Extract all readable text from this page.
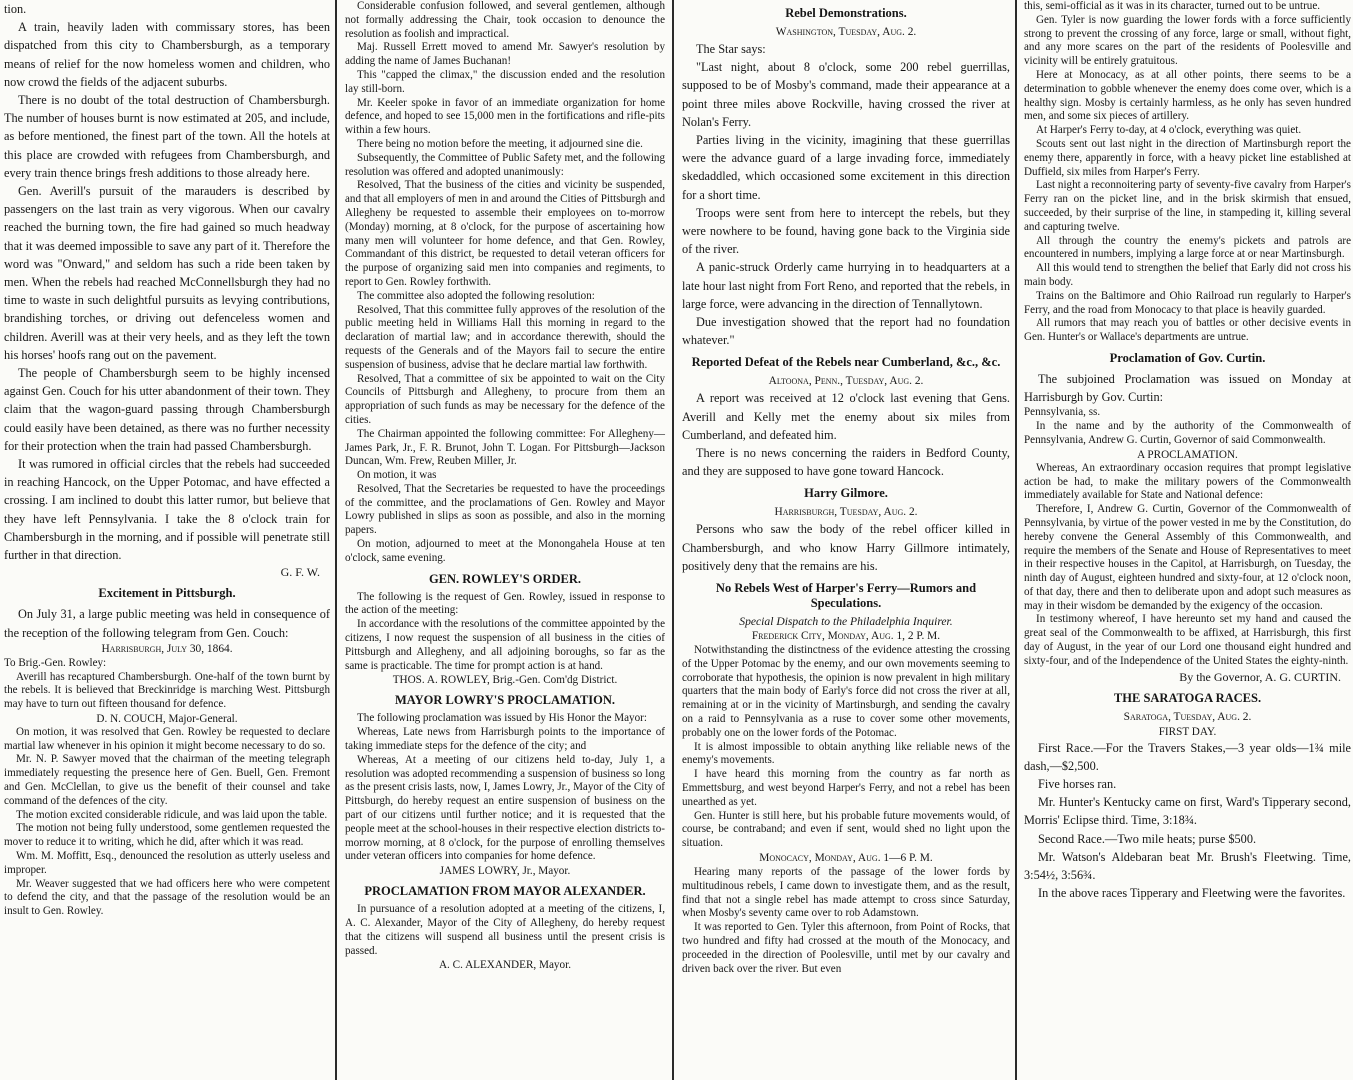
tion.

A train, heavily laden with commissary stores, has been dispatched from this city to Chambersburgh, as a temporary means of relief for the now homeless women and children, who now crowd the fields of the adjacent suburbs.

There is no doubt of the total destruction of Chambersburgh. The number of houses burnt is now estimated at 205, and include, as before mentioned, the finest part of the town. All the hotels at this place are crowded with refugees from Chambersburgh, and every train thence brings fresh additions to those already here.

Gen. Averill's pursuit of the marauders is described by passengers on the last train as very vigorous. When our cavalry reached the burning town, the fire had gained so much headway that it was deemed impossible to save any part of it. Therefore the word was "Onward," and seldom has such a ride been taken by men. When the rebels had reached McConnellsburgh they had no time to waste in such delightful pursuits as levying contributions, brandishing torches, or driving out defenceless women and children. Averill was at their very heels, and as they left the town his horses' hoofs rang out on the pavement.

The people of Chambersburgh seem to be highly incensed against Gen. Couch for his utter abandonment of their town. They claim that the wagon-guard passing through Chambersburgh could easily have been detained, as there was no further necessity for their protection when the train had passed Chambersburgh.

It was rumored in official circles that the rebels had succeeded in reaching Hancock, on the Upper Potomac, and have effected a crossing. I am inclined to doubt this latter rumor, but believe that they have left Pennsylvania. I take the 8 o'clock train for Chambersburgh in the morning, and if possible will penetrate still further in that direction.

G. F. W.

Excitement in Pittsburgh.

On July 31, a large public meeting was held in consequence of the reception of the following telegram from Gen. Couch:

Harrisburgh, July 30, 1864.

To Brig.-Gen. Rowley:

Averill has recaptured Chambersburgh. One-half of the town burnt by the rebels. It is believed that Breckinridge is marching West. Pittsburgh may have to turn out fifteen thousand for defence.

D. N. COUCH, Major-General.

On motion, it was resolved that Gen. Rowley be requested to declare martial law whenever in his opinion it might become necessary to do so.

Mr. N. P. Sawyer moved that the chairman of the meeting telegraph immediately requesting the presence here of Gen. Buell, Gen. Fremont and Gen. McClellan, to give us the benefit of their counsel and take command of the defences of the city.

The motion excited considerable ridicule, and was laid upon the table.

The motion not being fully understood, some gentlemen requested the mover to reduce it to writing, which he did, after which it was read.

Wm. M. Moffitt, Esq., denounced the resolution as utterly useless and improper.

Mr. Weaver suggested that we had officers here who were competent to defend the city, and that the passage of the resolution would be an insult to Gen. Rowley.

Considerable confusion followed, and several gentlemen, although not formally addressing the Chair, took occasion to denounce the resolution as foolish and impractical.

Maj. Russell Errett moved to amend Mr. Sawyer's resolution by adding the name of James Buchanan!

This "capped the climax," the discussion ended and the resolution lay still-born.

Mr. Keeler spoke in favor of an immediate organization for home defence, and hoped to see 15,000 men in the fortifications and rifle-pits within a few hours.

There being no motion before the meeting, it adjourned sine die.

Subsequently, the Committee of Public Safety met, and the following resolution was offered and adopted unanimously:

Resolved, That the business of the cities and vicinity be suspended, and that all employers of men in and around the Cities of Pittsburgh and Allegheny be requested to assemble their employees on to-morrow (Monday) morning, at 8 o'clock, for the purpose of ascertaining how many men will volunteer for home defence, and that Gen. Rowley, Commandant of this district, be requested to detail veteran officers for the purpose of organizing said men into companies and regiments, to report to Gen. Rowley forthwith.

The committee also adopted the following resolution:

Resolved, That this committee fully approves of the resolution of the public meeting held in Williams Hall this morning in regard to the declaration of martial law; and in accordance therewith, should the requests of the Generals and of the Mayors fail to secure the entire suspension of business, advise that he declare martial law forthwith.

Resolved, That a committee of six be appointed to wait on the City Councils of Pittsburgh and Allegheny, to procure from them an appropriation of such funds as may be necessary for the defence of the cities.

The Chairman appointed the following committee: For Allegheny—James Park, Jr., F. R. Brunot, John T. Logan. For Pittsburgh—Jackson Duncan, Wm. Frew, Reuben Miller, Jr.

On motion, it was

Resolved, That the Secretaries be requested to have the proceedings of the committee, and the proclamations of Gen. Rowley and Mayor Lowry published in slips as soon as possible, and also in the morning papers.

On motion, adjourned to meet at the Monongahela House at ten o'clock, same evening.

GEN. ROWLEY'S ORDER.

The following is the request of Gen. Rowley, issued in response to the action of the meeting:

In accordance with the resolutions of the committee appointed by the citizens, I now request the suspension of all business in the cities of Pittsburgh and Allegheny, and all adjoining boroughs, so far as the same is practicable. The time for prompt action is at hand.

THOS. A. ROWLEY, Brig.-Gen. Com'dg District.

MAYOR LOWRY'S PROCLAMATION.

The following proclamation was issued by His Honor the Mayor:

Whereas, Late news from Harrisburgh points to the importance of taking immediate steps for the defence of the city; and

Whereas, At a meeting of our citizens held to-day, July 1, a resolution was adopted recommending a suspension of business so long as the present crisis lasts, now, I, James Lowry, Jr., Mayor of the City of Pittsburgh, do hereby request an entire suspension of business on the part of our citizens until further notice; and it is requested that the people meet at the school-houses in their respective election districts to-morrow morning, at 8 o'clock, for the purpose of enrolling themselves under veteran officers into companies for home defence.

JAMES LOWRY, Jr., Mayor.

PROCLAMATION FROM MAYOR ALEXANDER.

In pursuance of a resolution adopted at a meeting of the citizens, I, A. C. Alexander, Mayor of the City of Allegheny, do hereby request that the citizens will suspend all business until the present crisis is passed.

A. C. ALEXANDER, Mayor.

Rebel Demonstrations.

Washington, Tuesday, Aug. 2.

The Star says:

"Last night, about 8 o'clock, some 200 rebel guerrillas, supposed to be of Mosby's command, made their appearance at a point three miles above Rockville, having crossed the river at Nolan's Ferry.

Parties living in the vicinity, imagining that these guerrillas were the advance guard of a large invading force, immediately skedaddled, which occasioned some excitement in this direction for a short time.

Troops were sent from here to intercept the rebels, but they were nowhere to be found, having gone back to the Virginia side of the river.

A panic-struck Orderly came hurrying in to headquarters at a late hour last night from Fort Reno, and reported that the rebels, in large force, were advancing in the direction of Tennallytown.

Due investigation showed that the report had no foundation whatever."

Reported Defeat of the Rebels near Cumberland, &c., &c.

Altoona, Penn., Tuesday, Aug. 2.

A report was received at 12 o'clock last evening that Gens. Averill and Kelly met the enemy about six miles from Cumberland, and defeated him.

There is no news concerning the raiders in Bedford County, and they are supposed to have gone toward Hancock.

Harry Gilmore.

Harrisburgh, Tuesday, Aug. 2.

Persons who saw the body of the rebel officer killed in Chambersburgh, and who know Harry Gillmore intimately, positively deny that the remains are his.

No Rebels West of Harper's Ferry—Rumors and Speculations.

Special Dispatch to the Philadelphia Inquirer.

Frederick City, Monday, Aug. 1, 2 P. M.

Notwithstanding the distinctness of the evidence attesting the crossing of the Upper Potomac by the enemy, and our own movements seeming to corroborate that hypothesis, the opinion is now prevalent in high military quarters that the main body of Early's force did not cross the river at all, remaining at or in the vicinity of Martinsburgh, and sending the cavalry on a raid to Pennsylvania as a ruse to cover some other movements, probably one on the lower fords of the Potomac.

It is almost impossible to obtain anything like reliable news of the enemy's movements.

I have heard this morning from the country as far north as Emmettsburg, and west beyond Harper's Ferry, and not a rebel has been unearthed as yet.

Gen. Hunter is still here, but his probable future movements would, of course, be contraband; and even if sent, would shed no light upon the situation.

Monocacy, Monday, Aug. 1—6 P. M.

Hearing many reports of the passage of the lower fords by multitudinous rebels, I came down to investigate them, and as the result, find that not a single rebel has made attempt to cross since Saturday, when Mosby's seventy came over to rob Adamstown.

It was reported to Gen. Tyler this afternoon, from Point of Rocks, that two hundred and fifty had crossed at the mouth of the Monocacy, and proceeded in the direction of Poolesville, until met by our cavalry and driven back over the river. But even

this, semi-official as it was in its character, turned out to be untrue.

Gen. Tyler is now guarding the lower fords with a force sufficiently strong to prevent the crossing of any force, large or small, without fight, and any more scares on the part of the residents of Poolesville and vicinity will be entirely gratuitous.

Here at Monocacy, as at all other points, there seems to be a determination to gobble whenever the enemy does come over, which is a healthy sign. Mosby is certainly harmless, as he only has seven hundred men, and some six pieces of artillery.

At Harper's Ferry to-day, at 4 o'clock, everything was quiet.

Scouts sent out last night in the direction of Martinsburgh report the enemy there, apparently in force, with a heavy picket line established at Duffield, six miles from Harper's Ferry.

Last night a reconnoitering party of seventy-five cavalry from Harper's Ferry ran on the picket line, and in the brisk skirmish that ensued, succeeded, by their surprise of the line, in stampeding it, killing several and capturing twelve.

All through the country the enemy's pickets and patrols are encountered in numbers, implying a large force at or near Martinsburgh.

All this would tend to strengthen the belief that Early did not cross his main body.

Trains on the Baltimore and Ohio Railroad run regularly to Harper's Ferry, and the road from Monocacy to that place is heavily guarded.

All rumors that may reach you of battles or other decisive events in Gen. Hunter's or Wallace's departments are untrue.

Proclamation of Gov. Curtin.

The subjoined Proclamation was issued on Monday at Harrisburgh by Gov. Curtin:

Pennsylvania, ss.

In the name and by the authority of the Commonwealth of Pennsylvania, Andrew G. Curtin, Governor of said Commonwealth.

A PROCLAMATION.

Whereas, An extraordinary occasion requires that prompt legislative action be had, to make the military powers of the Commonwealth immediately available for State and National defence:

Therefore, I, Andrew G. Curtin, Governor of the Commonwealth of Pennsylvania, by virtue of the power vested in me by the Constitution, do hereby convene the General Assembly of this Commonwealth, and require the members of the Senate and House of Representatives to meet in their respective houses in the Capitol, at Harrisburgh, on Tuesday, the ninth day of August, eighteen hundred and sixty-four, at 12 o'clock noon, of that day, there and then to deliberate upon and adopt such measures as may in their wisdom be demanded by the exigency of the occasion.

In testimony whereof, I have hereunto set my hand and caused the great seal of the Commonwealth to be affixed, at Harrisburgh, this first day of August, in the year of our Lord one thousand eight hundred and sixty-four, and of the Independence of the United States the eighty-ninth.

By the Governor, A. G. CURTIN.

THE SARATOGA RACES.

Saratoga, Tuesday, Aug. 2.

FIRST DAY.

First Race.—For the Travers Stakes,—3 year olds—1¾ mile dash,—$2,500.

Five horses ran.

Mr. Hunter's Kentucky came on first, Ward's Tipperary second, Morris' Eclipse third. Time, 3:18¾.

Second Race.—Two mile heats; purse $500.

Mr. Watson's Aldebaran beat Mr. Brush's Fleetwing. Time, 3:54½, 3:56¾.

In the above races Tipperary and Fleetwing were the favorites.
